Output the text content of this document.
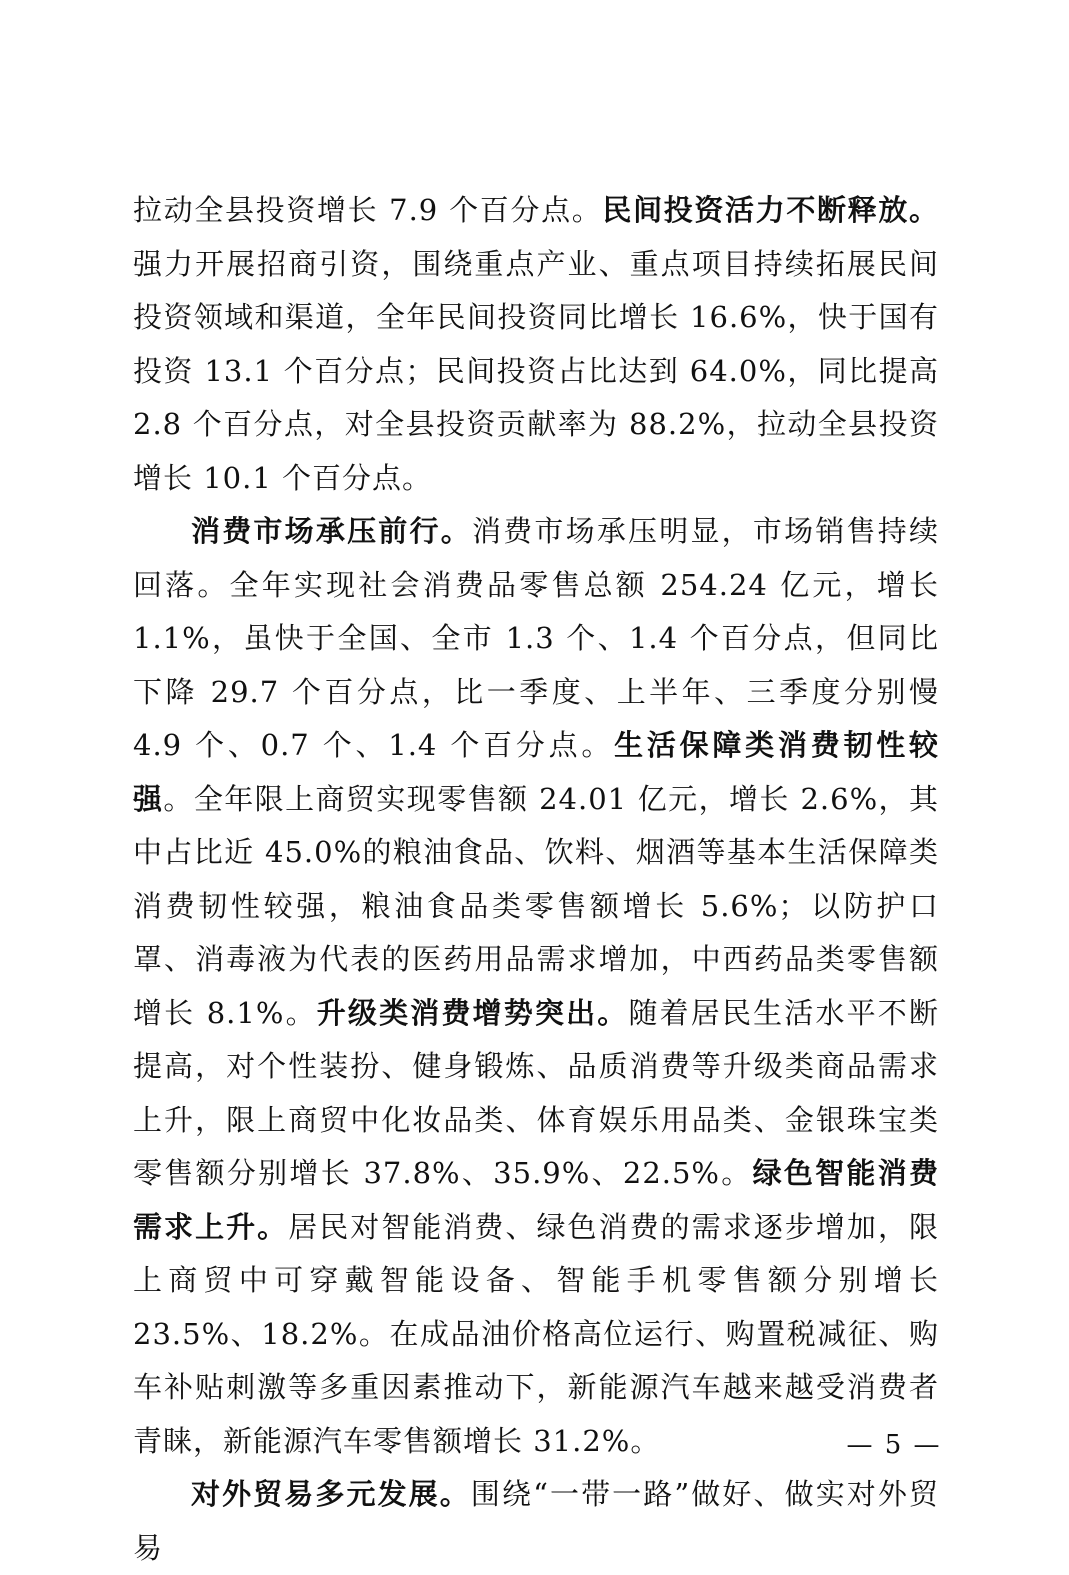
拉动全县投资增长 7.9 个百分点。民间投资活力不断释放。强力开展招商引资，围绕重点产业、重点项目持续拓展民间投资领域和渠道，全年民间投资同比增长 16.6%，快于国有投资 13.1 个百分点；民间投资占比达到 64.0%，同比提高 2.8 个百分点，对全县投资贡献率为 88.2%，拉动全县投资增长 10.1 个百分点。

消费市场承压前行。消费市场承压明显，市场销售持续回落。全年实现社会消费品零售总额 254.24 亿元，增长 1.1%，虽快于全国、全市 1.3 个、1.4 个百分点，但同比下降 29.7 个百分点，比一季度、上半年、三季度分别慢 4.9 个、0.7 个、1.4 个百分点。生活保障类消费韧性较强。全年限上商贸实现零售额 24.01 亿元，增长 2.6%，其中占比近 45.0%的粮油食品、饮料、烟酒等基本生活保障类消费韧性较强，粮油食品类零售额增长 5.6%；以防护口罩、消毒液为代表的医药用品需求增加，中西药品类零售额增长 8.1%。升级类消费增势突出。随着居民生活水平不断提高，对个性装扮、健身锻炼、品质消费等升级类商品需求上升，限上商贸中化妆品类、体育娱乐用品类、金银珠宝类零售额分别增长 37.8%、35.9%、22.5%。绿色智能消费需求上升。居民对智能消费、绿色消费的需求逐步增加，限上商贸中可穿戴智能设备、智能手机零售额分别增长 23.5%、18.2%。在成品油价格高位运行、购置税减征、购车补贴刺激等多重因素推动下，新能源汽车越来越受消费者青睐，新能源汽车零售额增长 31.2%。

对外贸易多元发展。围绕“一带一路”做好、做实对外贸易

— 5 —
